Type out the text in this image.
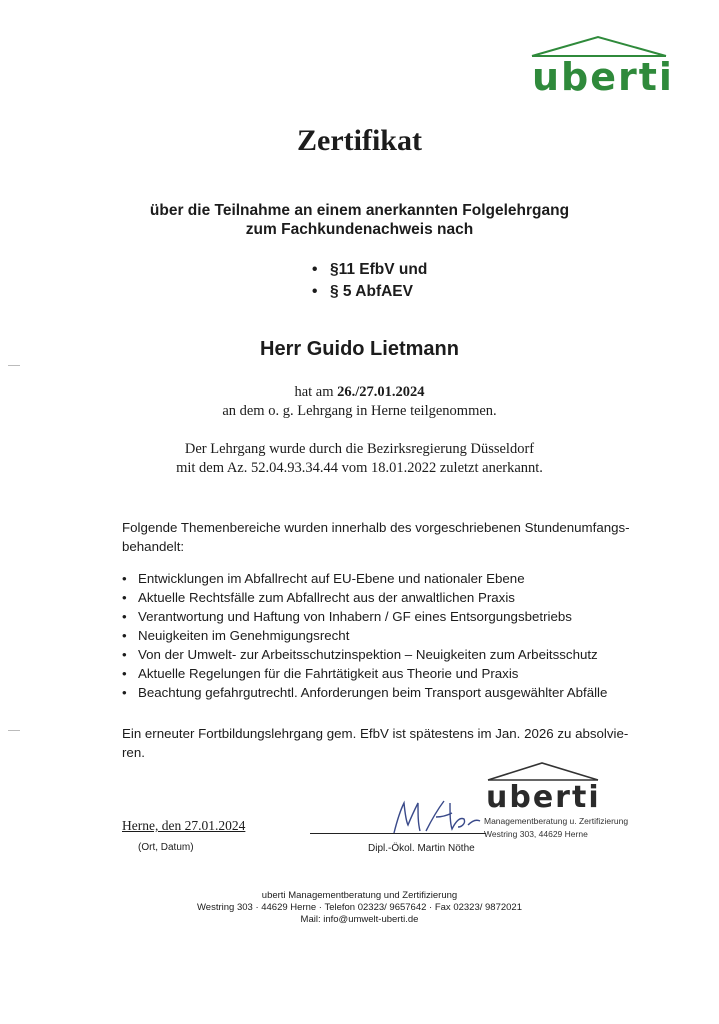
uberti
Zertifikat
über die Teilnahme an einem anerkannten Folgelehrgang
zum Fachkundenachweis nach
• §11 EfbV und
• § 5 AbfAEV
Herr Guido Lietmann
hat am 26./27.01.2024
an dem o. g. Lehrgang in Herne teilgenommen.
Der Lehrgang wurde durch die Bezirksregierung Düsseldorf
mit dem Az. 52.04.93.34.44 vom 18.01.2022 zuletzt anerkannt.
Folgende Themenbereiche wurden innerhalb des vorgeschriebenen Stundenumfangs-
behandelt:
• Entwicklungen im Abfallrecht auf EU-Ebene und nationaler Ebene
• Aktuelle Rechtsfälle zum Abfallrecht aus der anwaltlichen Praxis
• Verantwortung und Haftung von Inhabern / GF eines Entsorgungsbetriebs
• Neuigkeiten im Genehmigungsrecht
• Von der Umwelt- zur Arbeitsschutzinspektion – Neuigkeiten zum Arbeitsschutz
• Aktuelle Regelungen für die Fahrtätigkeit aus Theorie und Praxis
• Beachtung gefahrgutrechtl. Anforderungen beim Transport ausgewählter Abfälle
Ein erneuter Fortbildungslehrgang gem. EfbV ist spätestens im Jan. 2026 zu absolvie-
ren.
Herne, den 27.01.2024
(Ort, Datum)	Dipl.-Ökol. Martin Nöthe
uberti
Managementberatung u. Zertifizierung
Westring 303, 44629 Herne
uberti Managementberatung und Zertifizierung
Westring 303 · 44629 Herne · Telefon 02323/ 9657642 · Fax 02323/ 9872021
Mail: info@umwelt-uberti.de
